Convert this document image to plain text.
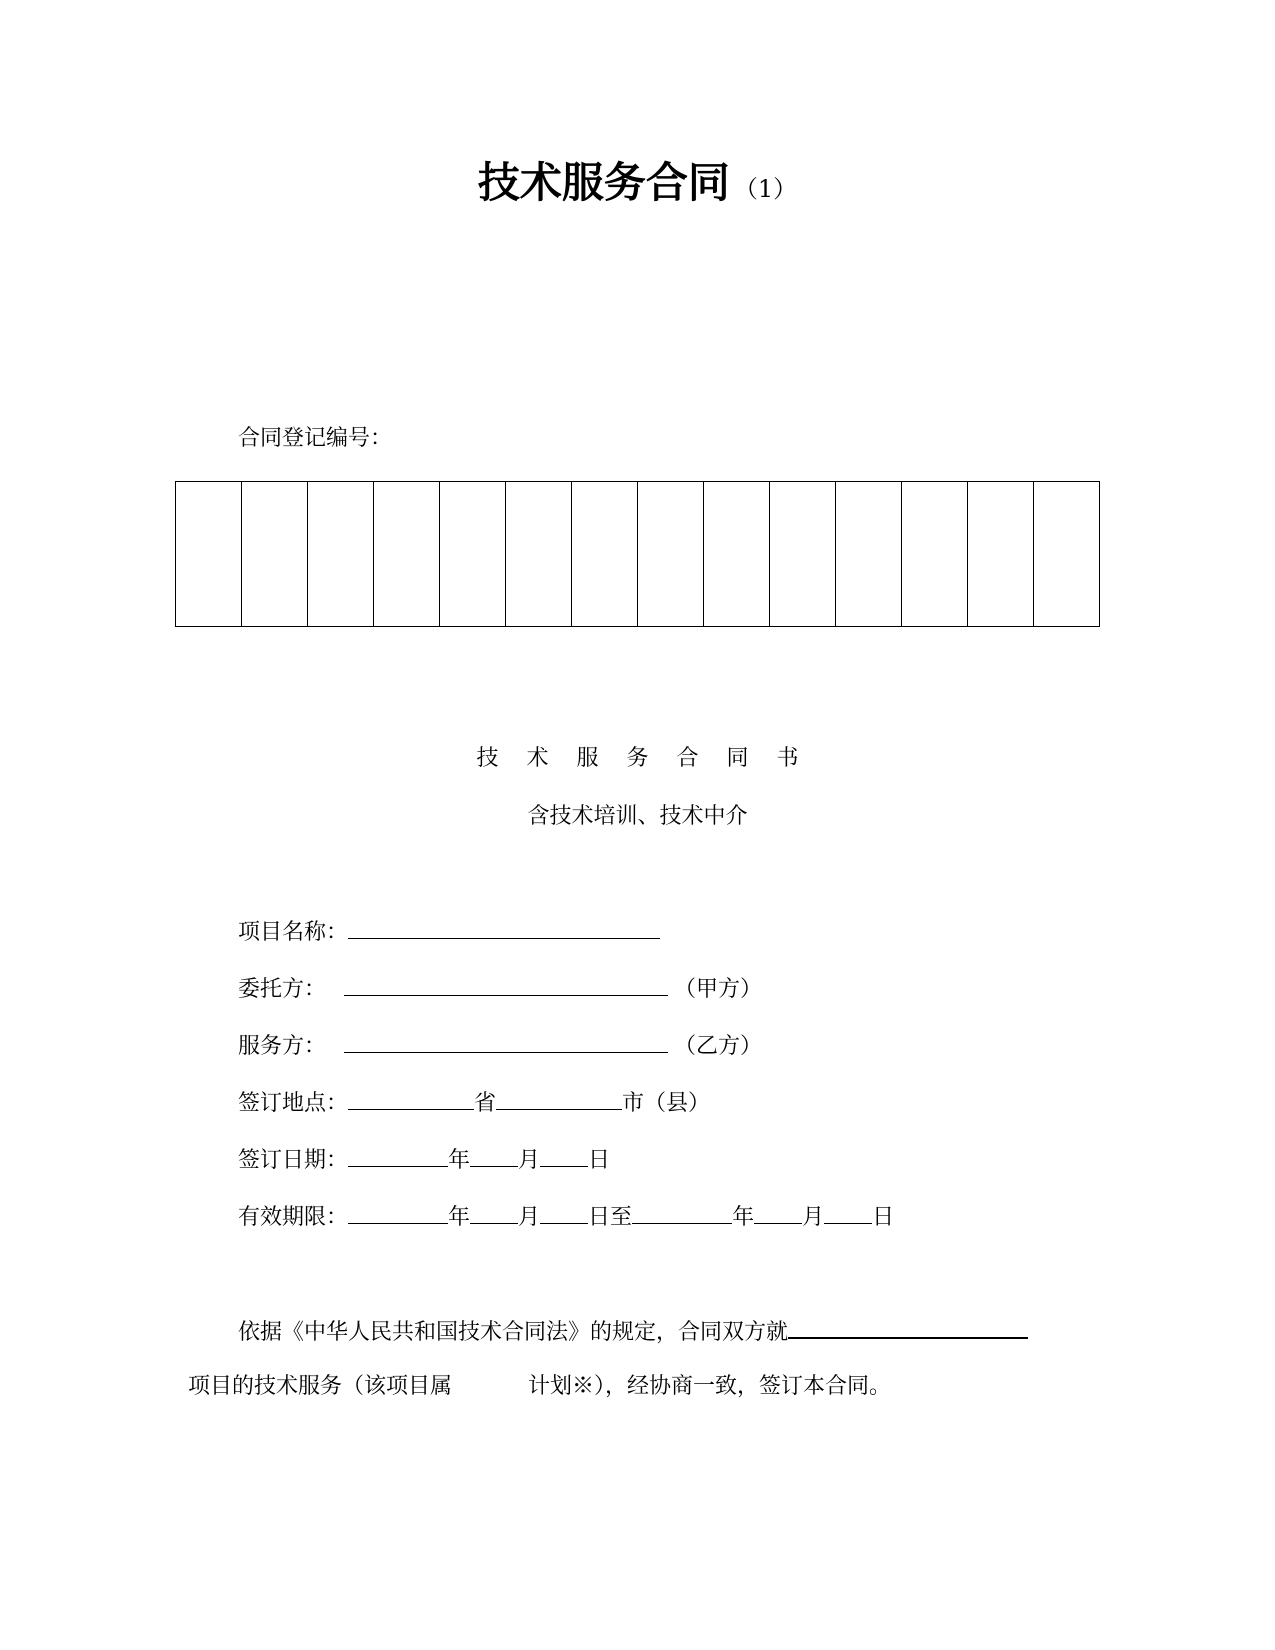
技术服务合同 （1）
合同登记编号：

技术服务合同书
含技术培训、技术中介
项目名称：
委托方：	（甲方）
服务方：	（乙方）
签订地点：	省	市（县）
签订日期：	年 月 日
有效期限：	年 月 日至	年 月 日
依据《中华人民共和国技术合同法》的规定，合同双方就
项目的技术服务（该项目属	计划※），经协商一致，签订本合同。
